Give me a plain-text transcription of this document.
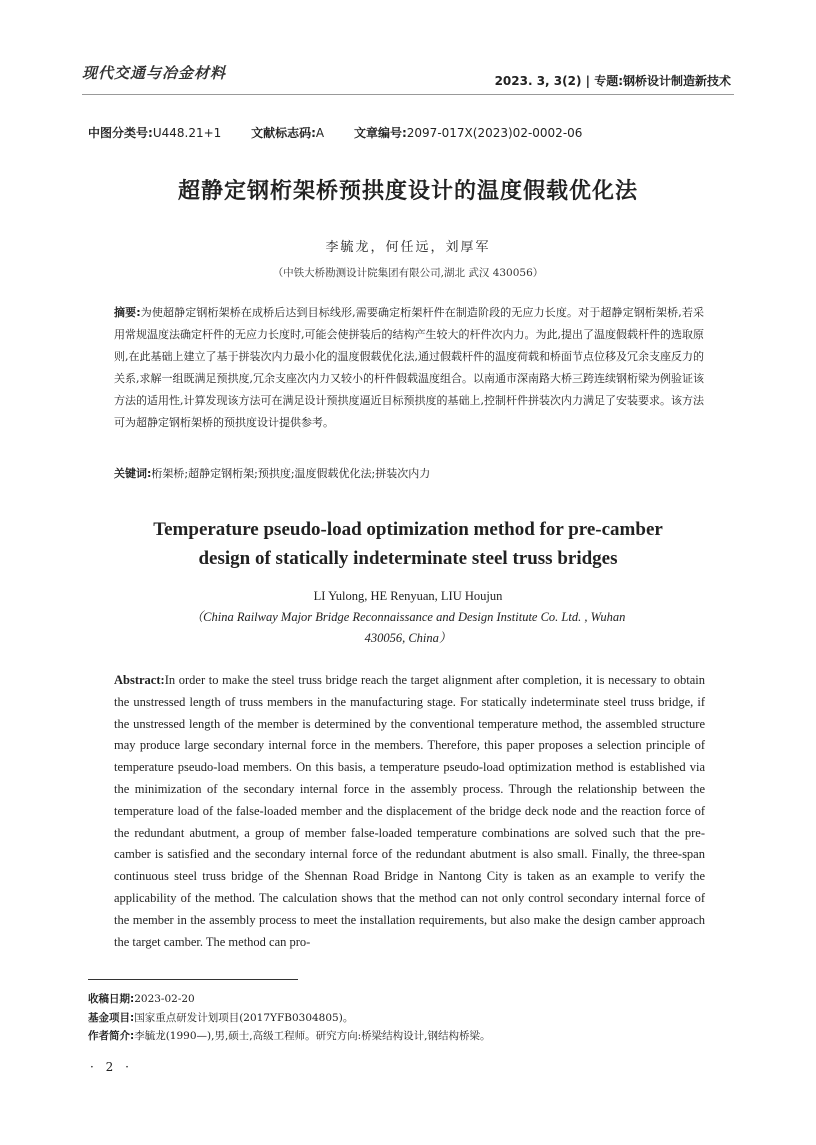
现代交通与冶金材料	2023. 3, 3(2) | 专题:钢桥设计制造新技术
中图分类号:U448.21+1 文献标志码:A 文章编号:2097-017X(2023)02-0002-06
超静定钢桁架桥预拱度设计的温度假载优化法
李毓龙，何任远，刘厚军
（中铁大桥勘测设计院集团有限公司,湖北 武汉 430056）
摘要:为使超静定钢桁架桥在成桥后达到目标线形,需要确定桁架杆件在制造阶段的无应力长度。对于超静定钢桁架桥,若采用常规温度法确定杆件的无应力长度时,可能会使拼装后的结构产生较大的杆件次内力。为此,提出了温度假载杆件的选取原则,在此基础上建立了基于拼装次内力最小化的温度假载优化法,通过假载杆件的温度荷载和桥面节点位移及冗余支座反力的关系,求解一组既满足预拱度,冗余支座次内力又较小的杆件假载温度组合。以南通市深南路大桥三跨连续钢桁梁为例验证该方法的适用性,计算发现该方法可在满足设计预拱度逼近目标预拱度的基础上,控制杆件拼装次内力满足了安装要求。该方法可为超静定钢桁架桥的预拱度设计提供参考。
关键词:桁架桥;超静定钢桁架;预拱度;温度假载优化法;拼装次内力
Temperature pseudo-load optimization method for pre-camber
design of statically indeterminate steel truss bridges
LI Yulong, HE Renyuan, LIU Houjun
（China Railway Major Bridge Reconnaissance and Design Institute Co. Ltd. , Wuhan 430056, China）
Abstract:In order to make the steel truss bridge reach the target alignment after completion, it is necessary to obtain the unstressed length of truss members in the manufacturing stage. For statically indeterminate steel truss bridge, if the unstressed length of the member is determined by the conventional temperature method, the assembled structure may produce large secondary internal force in the members. Therefore, this paper proposes a selection principle of temperature pseudo-load members. On this basis, a temperature pseudo-load optimization method is established via the minimization of the secondary internal force in the assembly process. Through the relationship between the temperature load of the false-loaded member and the displacement of the bridge deck node and the reaction force of the redundant abutment, a group of member false-loaded temperature combinations are solved such that the pre-camber is satisfied and the secondary internal force of the redundant abutment is also small. Finally, the three-span continuous steel truss bridge of the Shennan Road Bridge in Nantong City is taken as an example to verify the applicability of the method. The calculation shows that the method can not only control secondary internal force of the member in the assembly process to meet the installation requirements, but also make the design camber approach the target camber. The method can pro-
收稿日期:2023-02-20
基金项目:国家重点研发计划项目(2017YFB0304805)。
作者简介:李毓龙(1990—),男,硕士,高级工程师。研究方向:桥梁结构设计,钢结构桥梁。
· 2 ·
